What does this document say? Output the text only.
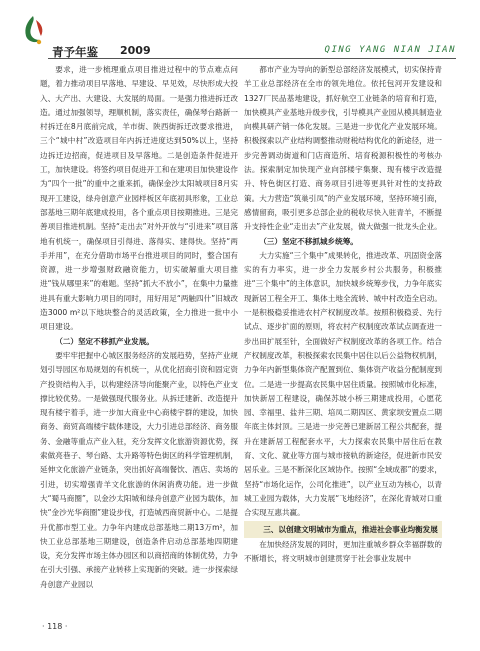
青予年鉴 2009	QING YANG NIAN JIAN

要求，进一步梳理重点项目推进过程中的节点难点问题，着力推动项目早落地、早建设、早见效，尽快形成大投入、大产出、大建设、大发展的局面。一是强力推进拆迁改造。通过加强领导，理顺机制，落实责任，确保琴台路新一村拆迁在8月底前完成，羊市街、陕西街拆迁改要求推进，三个“城中村”改造项目年内拆迁进度达到50%以上，坚持边拆迁边招商，促进项目及早落地。二是创造条件促进开工，加快建设。将签约项目促进开工和在建项目加快建设作为“四个一批”的重中之重来抓，确保金沙太阳城项目8月实现开工建设，绿舟创意产业园样板区年底初具形象，工业总部基地三期年底建成投用，各个重点项目按期推进。三是完善项目推进机制。坚持“走出去”对外开放与“引进来”项目落地有机统一，确保项目引得进、落得实、建得快。坚持“两手并用”，在充分借助市场平台推进项目的同时，整合国有资源，进一步增强财政融资能力，切实破解重大项目推进“钱从哪里来”的难题。坚持“抓大不放小”，在集中力量推进具有重大影响力项目的同时，用好用足“两触四什”旧城改造3000 m²以下地块整合的灵活政策，全力推进一批中小项目建设。

（二）坚定不移抓产业发展。

要牢牢把握中心城区服务经济的发展趋势，坚持产业规划引导园区布局规划的有机统一，从优化招商引资和固定资产投资结构入手，以构建经济导向能聚产业，以特色产业支撑比较优势。一是做强现代服务业。从拆迁建新、改造提升现有楼宇着手，进一步加大商业中心商楼宇群的建设，加快商务、商贸高端楼宇载体建设，大力引进总部经济、商务服务、金融等重点产业入驻，充分发挥文化旅游资源优势，探索做亮巷子、琴台路、太升路等特色街区的科学管理机制，延伸文化旅游产业链条，突出抓好高端餐饮、酒店、卖场的引进，切实增强青羊文化旅游的休闲消费功能。进一步做大“蜀马商圈”，以金沙太阳城和绿舟创意产业园为载体，加快“金沙光华商圈”建设步伐，打造城西商贸新中心。二是提升优都市型工业。力争年内建成总部基地二期13万m²，加快工业总部基地三期建设，创造条件启动总部基地四期建设，充分发挥市场主体办园区和以商招商的体制优势，力争在引大引强、承接产业转移上实现新的突破。进一步探索绿舟创意产业园以

都市产业为导向的新型总部经济发展模式，切实保持青羊工业总部经济在全市的领先地位。依托包河开发建设和1327厂民品基地建设，抓好航空工业链条的培育和打造，加快模具产业基地升级步伐，引导模具产业园从模具制造业向模具研产销一体化发展。三是进一步优化产业发展环境。积极探索以产业结构调整推动财税结构优化的新途径，进一步完善调动街道和门店商造所、培育税源积极性的考核办法。探索制定加快现产业向部楼宇集聚、现有楼宇改造提升、特色街区打造、商务项目引进等更具针对性的支持政策。大力营造“筑巢引凤”的产业发展环境，坚持环境引商，感情留商，吸引更多总部企业的税收尽快入驻青羊，不断提升支持性企业“走出去”产业发展，做大做强一批龙头企业。

（三）坚定不移抓城乡统筹。

大力实施“三个集中”成果转化，推进改革、巩固资金落实的有力率实，进一步全力发展乡村公共服务，积极推进“三个集中”的主体意识，加快城乡统筹步伐，力争年底实现新居工程全开工、集体土地全流转、城中村改造全启动。一是积极稳妥推进农村产权制度改革。按照积极稳妥、先行试点、逐步扩面的原则，将农村产权制度改革试点调查进一步出田扩展至针，全面做好产权制度改革的各项工作。结合产权制度改革，积极探索农民集中居住以后公益物权机制，力争年内新型集体资产配置到位、集体资产收益分配制度到位。二是进一步提高农民集中居住质量。按照城市化标准，加快新居工程建设，确保苏坡小桥三期建成投用，心愿花园、幸福里、盐井三期、培凤二期四区、黄家坝安置点二期年底主体封顶。三是进一步完善已建新居工程公共配套，提升在建新居工程配套水平，大力探索农民集中居住后在教育、文化、就业等方面与城市接轨的新途径，促进新市民安居乐业。三是不断深化区域协作。按照“全域成都”的要求，坚持“市场化运作，公司化推进”，以产业互动为核心，以青城工业园为载体，大力发展“飞地经济”，在深化青城对口重合实现互惠共赢。

三、以创建文明城市为重点，推进社会事业均衡发展

在加快经济发展的同时，更加注重城乡群众幸福群数的不断增长，将文明城市创建贯穿于社会事业发展中

· 118 ·
